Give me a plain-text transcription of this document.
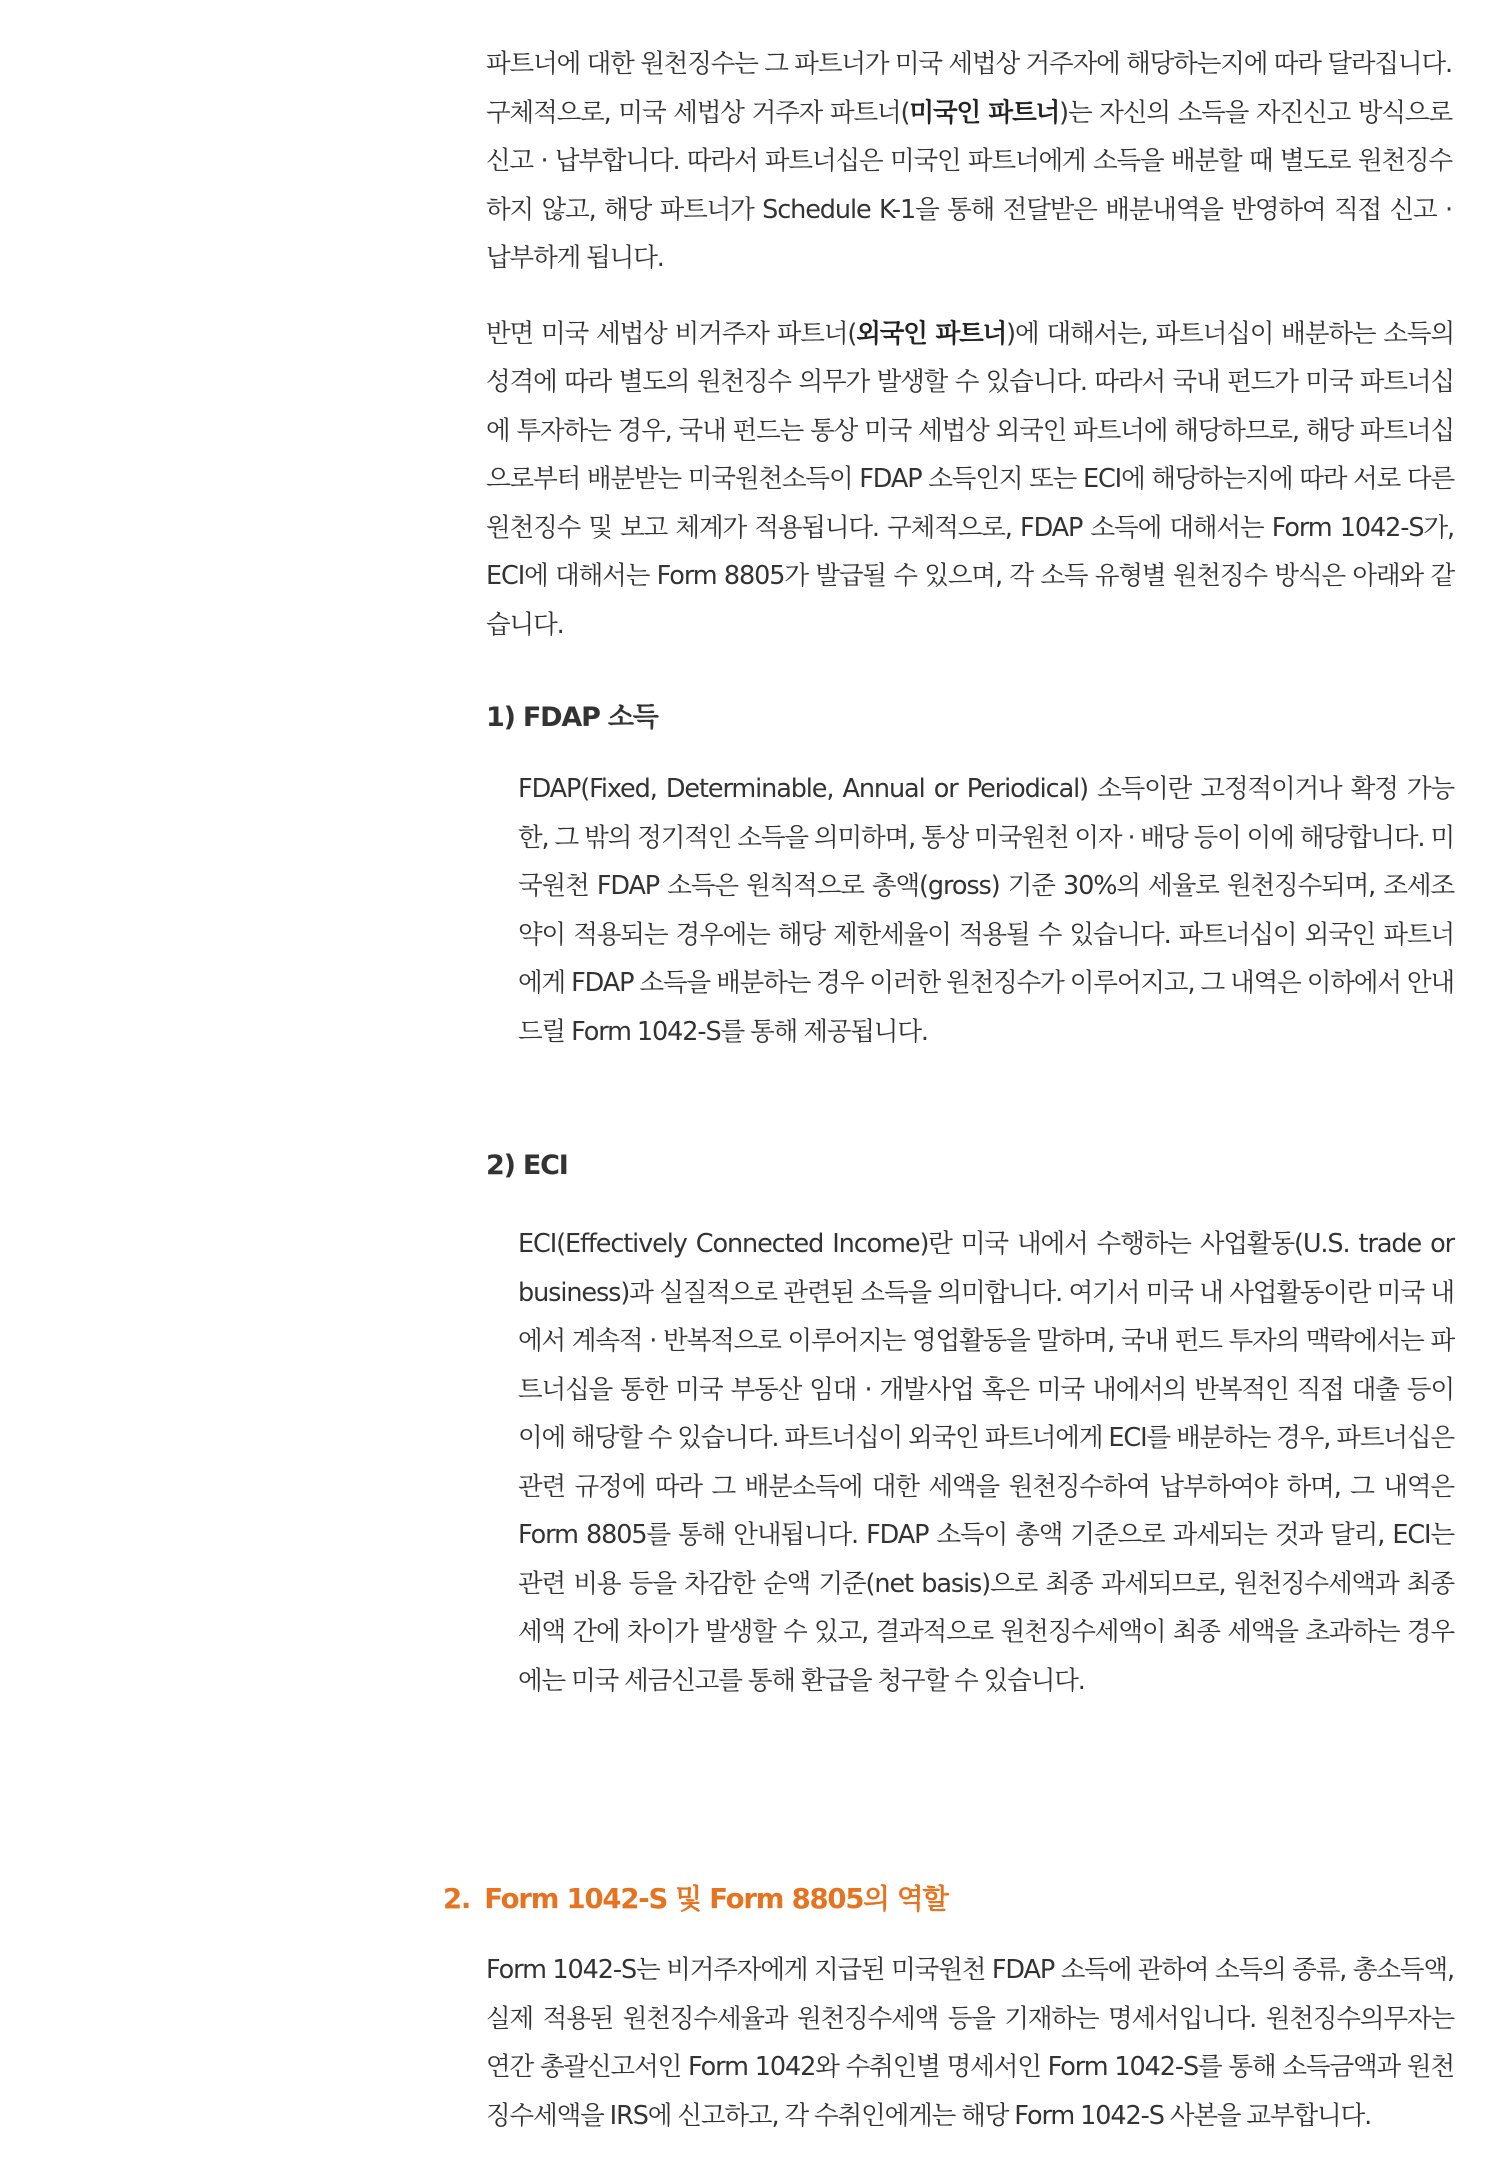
파트너에 대한 원천징수는 그 파트너가 미국 세법상 거주자에 해당하는지에 따라 달라집니다. 구체적으로, 미국 세법상 거주자 파트너(미국인 파트너)는 자신의 소득을 자진신고 방식으로 신고 · 납부합니다. 따라서 파트너십은 미국인 파트너에게 소득을 배분할 때 별도로 원천징수하지 않고, 해당 파트너가 Schedule K-1을 통해 전달받은 배분내역을 반영하여 직접 신고 · 납부하게 됩니다.

반면 미국 세법상 비거주자 파트너(외국인 파트너)에 대해서는, 파트너십이 배분하는 소득의 성격에 따라 별도의 원천징수 의무가 발생할 수 있습니다. 따라서 국내 펀드가 미국 파트너십에 투자하는 경우, 국내 펀드는 통상 미국 세법상 외국인 파트너에 해당하므로, 해당 파트너십으로부터 배분받는 미국원천소득이 FDAP 소득인지 또는 ECI에 해당하는지에 따라 서로 다른 원천징수 및 보고 체계가 적용됩니다. 구체적으로, FDAP 소득에 대해서는 Form 1042-S가, ECI에 대해서는 Form 8805가 발급될 수 있으며, 각 소득 유형별 원천징수 방식은 아래와 같습니다.

1) FDAP 소득

FDAP(Fixed, Determinable, Annual or Periodical) 소득이란 고정적이거나 확정 가능한, 그 밖의 정기적인 소득을 의미하며, 통상 미국원천 이자 · 배당 등이 이에 해당합니다. 미국원천 FDAP 소득은 원칙적으로 총액(gross) 기준 30%의 세율로 원천징수되며, 조세조약이 적용되는 경우에는 해당 제한세율이 적용될 수 있습니다. 파트너십이 외국인 파트너에게 FDAP 소득을 배분하는 경우 이러한 원천징수가 이루어지고, 그 내역은 이하에서 안내드릴 Form 1042-S를 통해 제공됩니다.

2) ECI

ECI(Effectively Connected Income)란 미국 내에서 수행하는 사업활동(U.S. trade or business)과 실질적으로 관련된 소득을 의미합니다. 여기서 미국 내 사업활동이란 미국 내에서 계속적 · 반복적으로 이루어지는 영업활동을 말하며, 국내 펀드 투자의 맥락에서는 파트너십을 통한 미국 부동산 임대 · 개발사업 혹은 미국 내에서의 반복적인 직접 대출 등이 이에 해당할 수 있습니다. 파트너십이 외국인 파트너에게 ECI를 배분하는 경우, 파트너십은 관련 규정에 따라 그 배분소득에 대한 세액을 원천징수하여 납부하여야 하며, 그 내역은 Form 8805를 통해 안내됩니다. FDAP 소득이 총액 기준으로 과세되는 것과 달리, ECI는 관련 비용 등을 차감한 순액 기준(net basis)으로 최종 과세되므로, 원천징수세액과 최종 세액 간에 차이가 발생할 수 있고, 결과적으로 원천징수세액이 최종 세액을 초과하는 경우에는 미국 세금신고를 통해 환급을 청구할 수 있습니다.

2. Form 1042-S 및 Form 8805의 역할

Form 1042-S는 비거주자에게 지급된 미국원천 FDAP 소득에 관하여 소득의 종류, 총소득액, 실제 적용된 원천징수세율과 원천징수세액 등을 기재하는 명세서입니다. 원천징수의무자는 연간 총괄신고서인 Form 1042와 수취인별 명세서인 Form 1042-S를 통해 소득금액과 원천징수세액을 IRS에 신고하고, 각 수취인에게는 해당 Form 1042-S 사본을 교부합니다.
